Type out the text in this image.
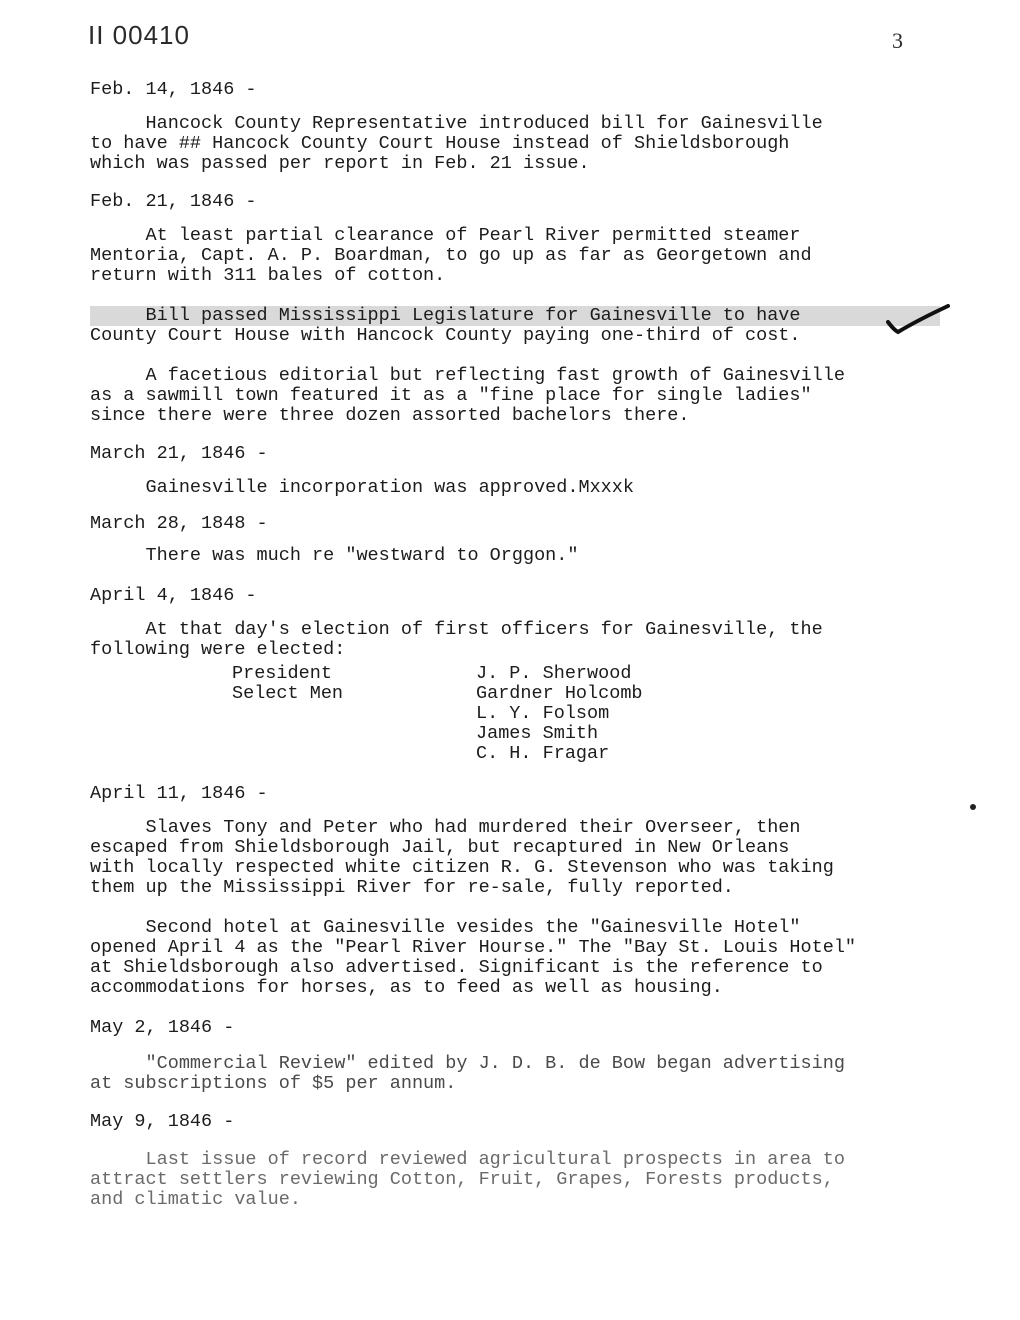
II 00410	3
Feb. 14, 1846 -
Hancock County Representative introduced bill for Gainesville
to have ## Hancock County Court House instead of Shieldsborough
which was passed per report in Feb. 21 issue.
Feb. 21, 1846 -
At least partial clearance of Pearl River permitted steamer
Mentoria, Capt. A. P. Boardman, to go up as far as Georgetown and
return with 311 bales of cotton.
Bill passed Mississippi Legislature for Gainesville to have
County Court House with Hancock County paying one-third of cost.
A facetious editorial but reflecting fast growth of Gainesville
as a sawmill town featured it as a "fine place for single ladies"
since there were three dozen assorted bachelors there.
March 21, 1846 -
Gainesville incorporation was approved.Mxxxk
March 28, 1848 -
There was much re "westward to Orggon."
April 4, 1846 -
At that day's election of first officers for Gainesville, the
following were elected:
President	J. P. Sherwood
Select Men	Gardner Holcomb
L. Y. Folsom
James Smith
C. H. Fragar
April 11, 1846 -
Slaves Tony and Peter who had murdered their Overseer, then
escaped from Shieldsborough Jail, but recaptured in New Orleans
with locally respected white citizen R. G. Stevenson who was taking
them up the Mississippi River for re-sale, fully reported.
Second hotel at Gainesville vesides the "Gainesville Hotel"
opened April 4 as the "Pearl River Hourse." The "Bay St. Louis Hotel"
at Shieldsborough also advertised. Significant is the reference to
accommodations for horses, as to feed as well as housing.
May 2, 1846 -
"Commercial Review" edited by J. D. B. de Bow began advertising
at subscriptions of $5 per annum.
May 9, 1846 -
Last issue of record reviewed agricultural prospects in area to
attract settlers reviewing Cotton, Fruit, Grapes, Forests products,
and climatic value.
